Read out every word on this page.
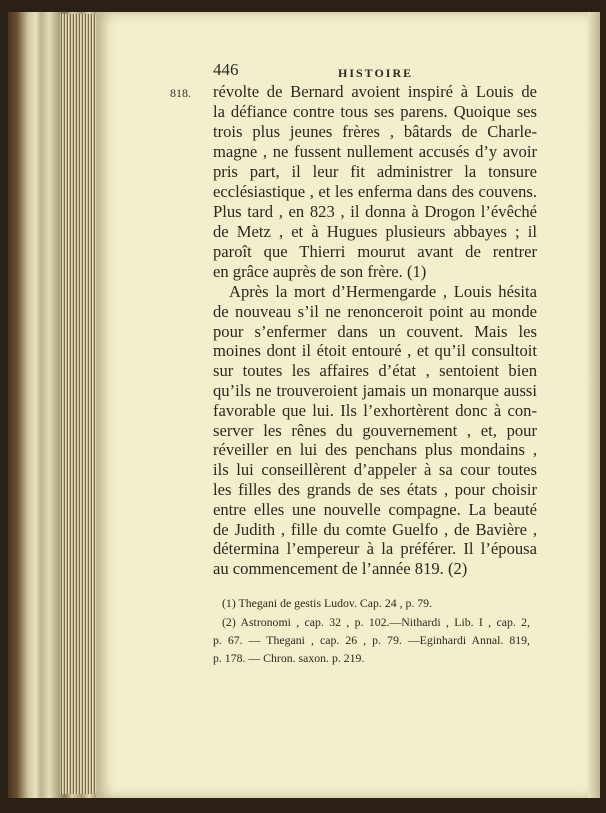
446	HISTOIRE
818. révolte de Bernard avoient inspiré à Louis de
la défiance contre tous ses parens. Quoique ses
trois plus jeunes frères , bâtards de Charle-
magne , ne fussent nullement accusés d’y avoir
pris part, il leur fit administrer la tonsure
ecclésiastique , et les enferma dans des couvens.
Plus tard , en 823 , il donna à Drogon l’évêché
de Metz , et à Hugues plusieurs abbayes ; il
paroît que Thierri mourut avant de rentrer
en grâce auprès de son frère. (1)
Après la mort d’Hermengarde , Louis hésita
de nouveau s’il ne renonceroit point au monde
pour s’enfermer dans un couvent. Mais les
moines dont il étoit entouré , et qu’il consultoit
sur toutes les affaires d’état , sentoient bien
qu’ils ne trouveroient jamais un monarque aussi
favorable que lui. Ils l’exhortèrent donc à con-
server les rênes du gouvernement , et, pour
réveiller en lui des penchans plus mondains ,
ils lui conseillèrent d’appeler à sa cour toutes
les filles des grands de ses états , pour choisir
entre elles une nouvelle compagne. La beauté
de Judith , fille du comte Guelfo , de Bavière ,
détermina l’empereur à la préférer. Il l’épousa
au commencement de l’année 819. (2)
(1) Thegani de gestis Ludov. Cap. 24 , p. 79.
(2) Astronomi , cap. 32 , p. 102.—Nithardi , Lib. I , cap. 2,
p. 67. — Thegani , cap. 26 , p. 79. —Eginhardi Annal. 819,
p. 178. — Chron. saxon. p. 219.
